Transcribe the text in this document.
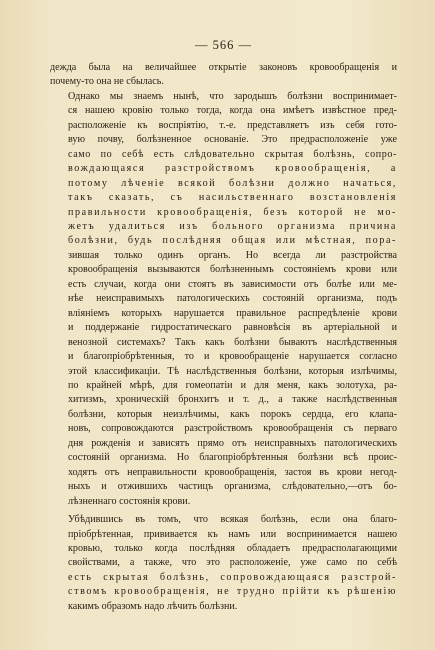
— 566 —

дежда была на величайшее открытіе законовъ кровообращенія и
почему-то она не сбылась.

Однако мы знаемъ нынѣ, что зародышъ болѣзни воспринимает-
ся нашею кровію только тогда, когда она имѣетъ извѣстное пред-
расположеніе къ воспріятію, т.-е. представляетъ изъ себя гото-
вую почву, болѣзненное основаніе. Это предрасположеніе уже
само по себѣ есть слѣдовательно скрытая болѣзнь, сопро-
вождающаяся разстройствомъ кровообращенія, а
потому лѣченіе всякой болѣзни должно начаться,
такъ сказать, съ насильственнаго возстановленія
правильности кровообращенія, безъ которой не мо-
жетъ удалиться изъ больного организма причина
болѣзни, будь послѣдняя общая или мѣстная, пора-
зившая только одинъ органъ. Но всегда ли разстройства
кровообращенія вызываются болѣзненнымъ состояніемъ крови или
есть случаи, когда они стоятъ въ зависимости отъ болѣе или ме-
нѣе неисправимыхъ патологическихъ состояній организма, подъ
вліяніемъ которыхъ нарушается правильное распредѣленіе крови
и поддержаніе гидростатическаго равновѣсія въ артеріальной и
венозной системахъ? Такъ какъ болѣзни бываютъ наслѣдственныя
и благопріобрѣтенныя, то и кровообращеніе нарушается согласно
этой классификаціи. Тѣ наслѣдственныя болѣзни, которыя излѣчимы,
по крайней мѣрѣ, для гомеопатіи и для меня, какъ золотуха, ра-
хитизмъ, хроническій бронхитъ и т. д., а также наслѣдственныя
болѣзни, которыя неизлѣчимы, какъ порокъ сердца, его клапа-
новъ, сопровождаются разстройствомъ кровообращенія съ перваго
дня рожденія и зависятъ прямо отъ неисправныхъ патологическихъ
состояній организма. Но благопріобрѣтенныя болѣзни всѣ проис-
ходятъ отъ неправильности кровообращенія, застоя въ крови негод-
ныхъ и отжившихъ частицъ организма, слѣдовательно,—отъ бо-
лѣзненнаго состоянія крови.

Убѣдившись въ томъ, что всякая болѣзнь, если она благо-
пріобрѣтенная, прививается къ намъ или воспринимается нашею
кровью, только когда послѣдняя обладаетъ предрасполагающими
свойствами, а также, что это расположеніе, уже само по себѣ
есть скрытая болѣзнь, сопровождающаяся разстрой-
ствомъ кровообращенія, не трудно прійти къ рѣшенію
какимъ образомъ надо лѣчить болѣзни.
